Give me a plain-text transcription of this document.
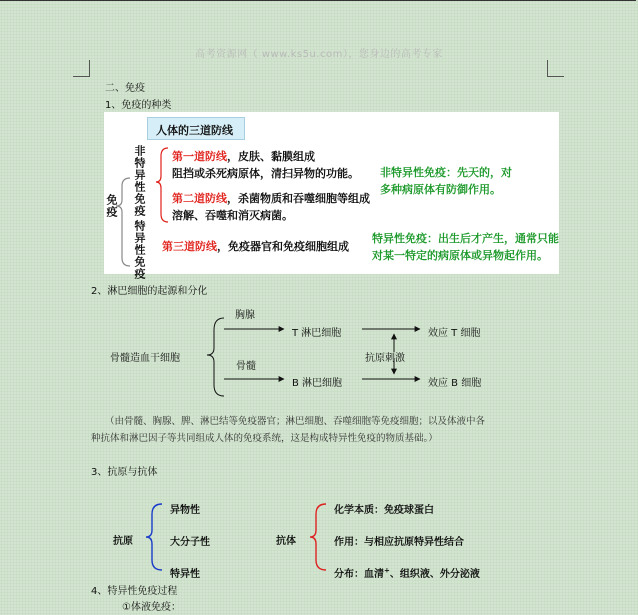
高考资源网（ www.ks5u.com），您身边的高考专家
二、免疫
1、免疫的种类
人体的三道防线
免疫 非特异性免疫
特异性免疫
第一道防线，皮肤、黏膜组成
阻挡或杀死病原体，清扫异物的功能。
第二道防线，杀菌物质和吞噬细胞等组成
溶解、吞噬和消灭病菌。
第三道防线，免疫器官和免疫细胞组成
非特异性免疫：先天的，对
多种病原体有防御作用。
特异性免疫：出生后才产生，通常只能
对某一特定的病原体或异物起作用。
2、淋巴细胞的起源和分化
胸腺
T 淋巴细胞	效应 T 细胞
骨髓造血干细胞	抗原刺激
骨髓
B 淋巴细胞	效应 B 细胞
（由骨髓、胸腺、脾、淋巴结等免疫器官；淋巴细胞、吞噬细胞等免疫细胞；以及体液中各
种抗体和淋巴因子等共同组成人体的免疫系统，这是构成特异性免疫的物质基础。）
3、抗原与抗体
异物性
抗原	大分子性
特异性
化学本质：免疫球蛋白
抗体	作用：与相应抗原特异性结合
分布：血清+、组织液、外分泌液
4、特异性免疫过程
①体液免疫：
